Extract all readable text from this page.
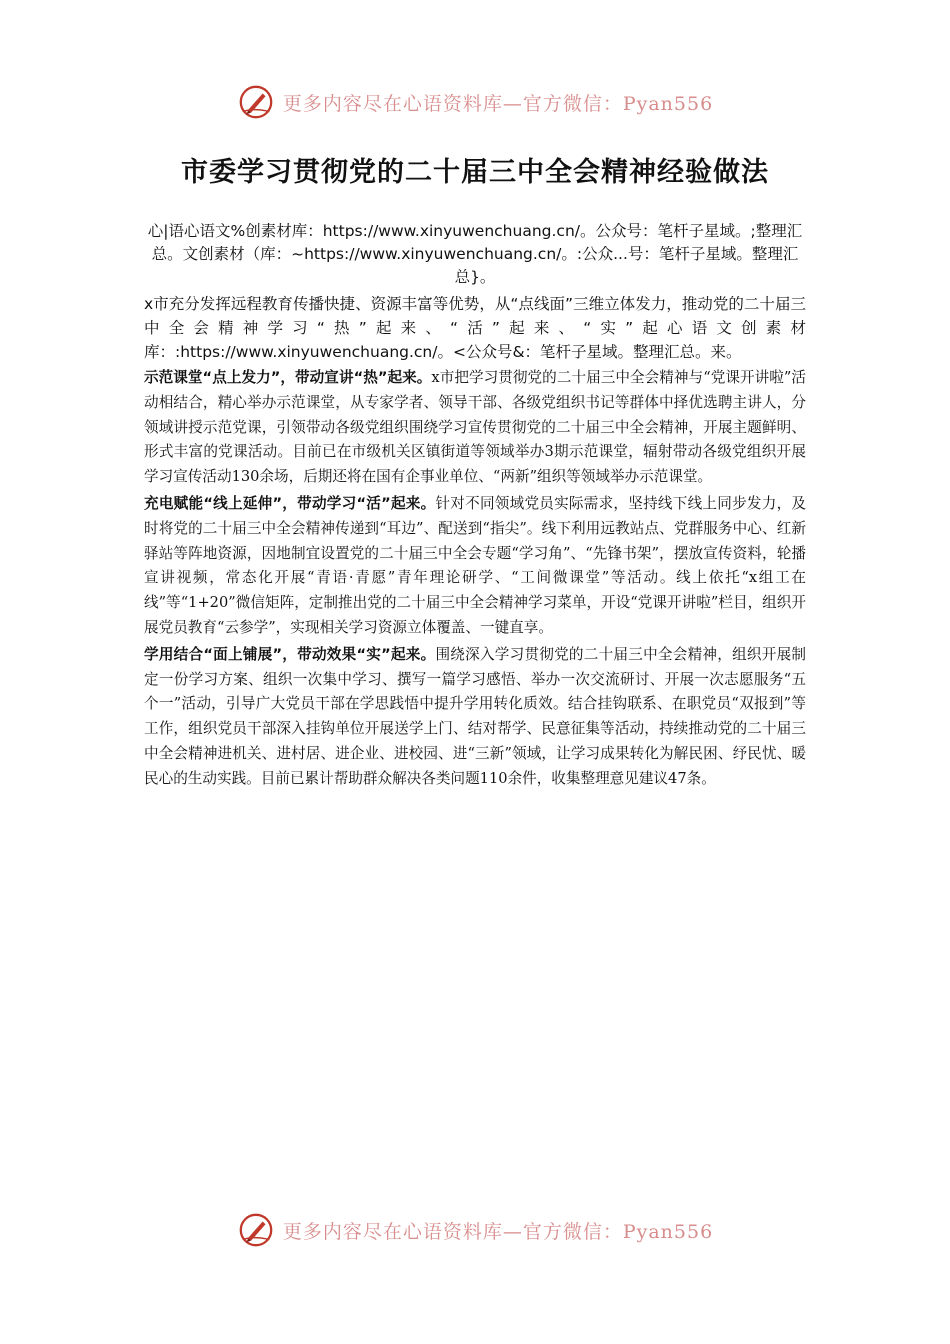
更多内容尽在心语资料库—官方微信：Pyan556
市委学习贯彻党的二十届三中全会精神经验做法

心|语心语文%创素材库：https://www.xinyuwenchuang.cn/。公众号：笔杆子星域。;整理汇总。文创素材（库：~https://www.xinyuwenchuang.cn/。:公众...号：笔杆子星域。整理汇总}。

x市充分发挥远程教育传播快捷、资源丰富等优势，从“点线面”三维立体发力，推动党的二十届三中全会精神学习“热”起来、“活”起来、“实”起心语文创素材库：:https://www.xinyuwenchuang.cn/。<公众号&：笔杆子星域。整理汇总。来。

示范课堂“点上发力”，带动宣讲“热”起来。x市把学习贯彻党的二十届三中全会精神与“党课开讲啦”活动相结合，精心举办示范课堂，从专家学者、领导干部、各级党组织书记等群体中择优选聘主讲人，分领域讲授示范党课，引领带动各级党组织围绕学习宣传贯彻党的二十届三中全会精神，开展主题鲜明、形式丰富的党课活动。目前已在市级机关区镇街道等领域举办3期示范课堂，辐射带动各级党组织开展学习宣传活动130余场，后期还将在国有企事业单位、“两新”组织等领域举办示范课堂。

充电赋能“线上延伸”，带动学习“活”起来。针对不同领域党员实际需求，坚持线下线上同步发力，及时将党的二十届三中全会精神传递到“耳边”、配送到“指尖”。线下利用远教站点、党群服务中心、红新驿站等阵地资源，因地制宜设置党的二十届三中全会专题“学习角”、“先锋书架”，摆放宣传资料，轮播宣讲视频，常态化开展“青语·青愿”青年理论研学、“工间微课堂”等活动。线上依托“x组工在线”等“1+20”微信矩阵，定制推出党的二十届三中全会精神学习菜单，开设“党课开讲啦”栏目，组织开展党员教育“云参学”，实现相关学习资源立体覆盖、一键直享。

学用结合“面上铺展”，带动效果“实”起来。围绕深入学习贯彻党的二十届三中全会精神，组织开展制定一份学习方案、组织一次集中学习、撰写一篇学习感悟、举办一次交流研讨、开展一次志愿服务“五个一”活动，引导广大党员干部在学思践悟中提升学用转化质效。结合挂钩联系、在职党员“双报到”等工作，组织党员干部深入挂钩单位开展送学上门、结对帮学、民意征集等活动，持续推动党的二十届三中全会精神进机关、进村居、进企业、进校园、进“三新”领域，让学习成果转化为解民困、纾民忧、暖民心的生动实践。目前已累计帮助群众解决各类问题110余件，收集整理意见建议47条。

更多内容尽在心语资料库—官方微信：Pyan556
